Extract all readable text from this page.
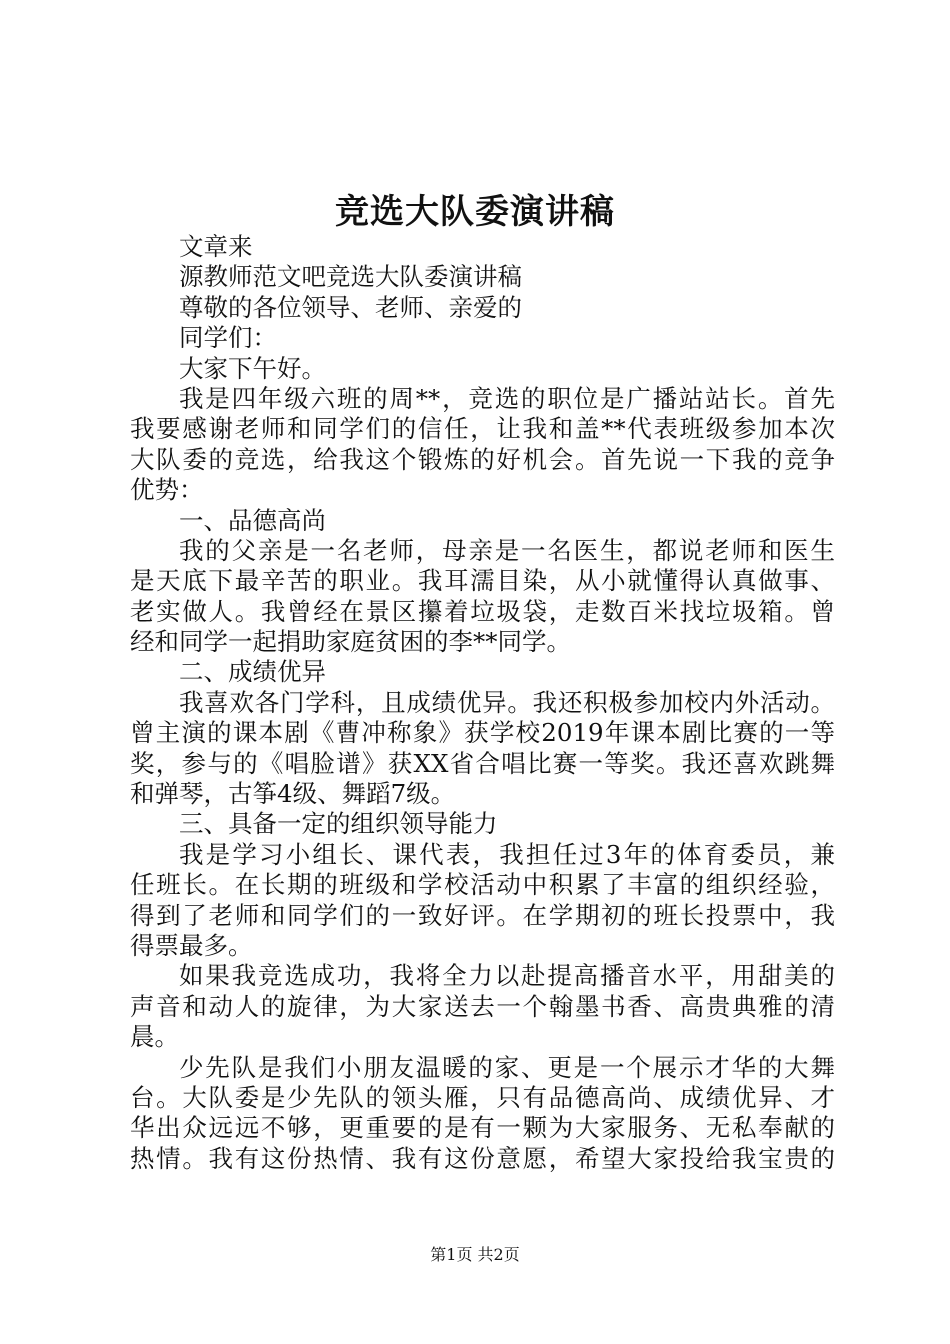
竞选大队委演讲稿
文章来
源教师范文吧竞选大队委演讲稿
尊敬的各位领导、老师、亲爱的
同学们：
大家下午好。
我是四年级六班的周**，竞选的职位是广播站站长。首先
我要感谢老师和同学们的信任，让我和盖**代表班级参加本次
大队委的竞选，给我这个锻炼的好机会。首先说一下我的竞争
优势：
一、品德高尚
我的父亲是一名老师，母亲是一名医生，都说老师和医生
是天底下最辛苦的职业。我耳濡目染，从小就懂得认真做事、
老实做人。我曾经在景区攥着垃圾袋，走数百米找垃圾箱。曾
经和同学一起捐助家庭贫困的李**同学。
二、成绩优异
我喜欢各门学科，且成绩优异。我还积极参加校内外活动。
曾主演的课本剧《曹冲称象》获学校2019年课本剧比赛的一等
奖，参与的《唱脸谱》获XX省合唱比赛一等奖。我还喜欢跳舞
和弹琴，古筝4级、舞蹈7级。
三、具备一定的组织领导能力
我是学习小组长、课代表，我担任过3年的体育委员，兼
任班长。在长期的班级和学校活动中积累了丰富的组织经验，
得到了老师和同学们的一致好评。在学期初的班长投票中，我
得票最多。
如果我竞选成功，我将全力以赴提高播音水平，用甜美的
声音和动人的旋律，为大家送去一个翰墨书香、高贵典雅的清
晨。
少先队是我们小朋友温暖的家、更是一个展示才华的大舞
台。大队委是少先队的领头雁，只有品德高尚、成绩优异、才
华出众远远不够，更重要的是有一颗为大家服务、无私奉献的
热情。我有这份热情、我有这份意愿，希望大家投给我宝贵的
第1页 共2页
